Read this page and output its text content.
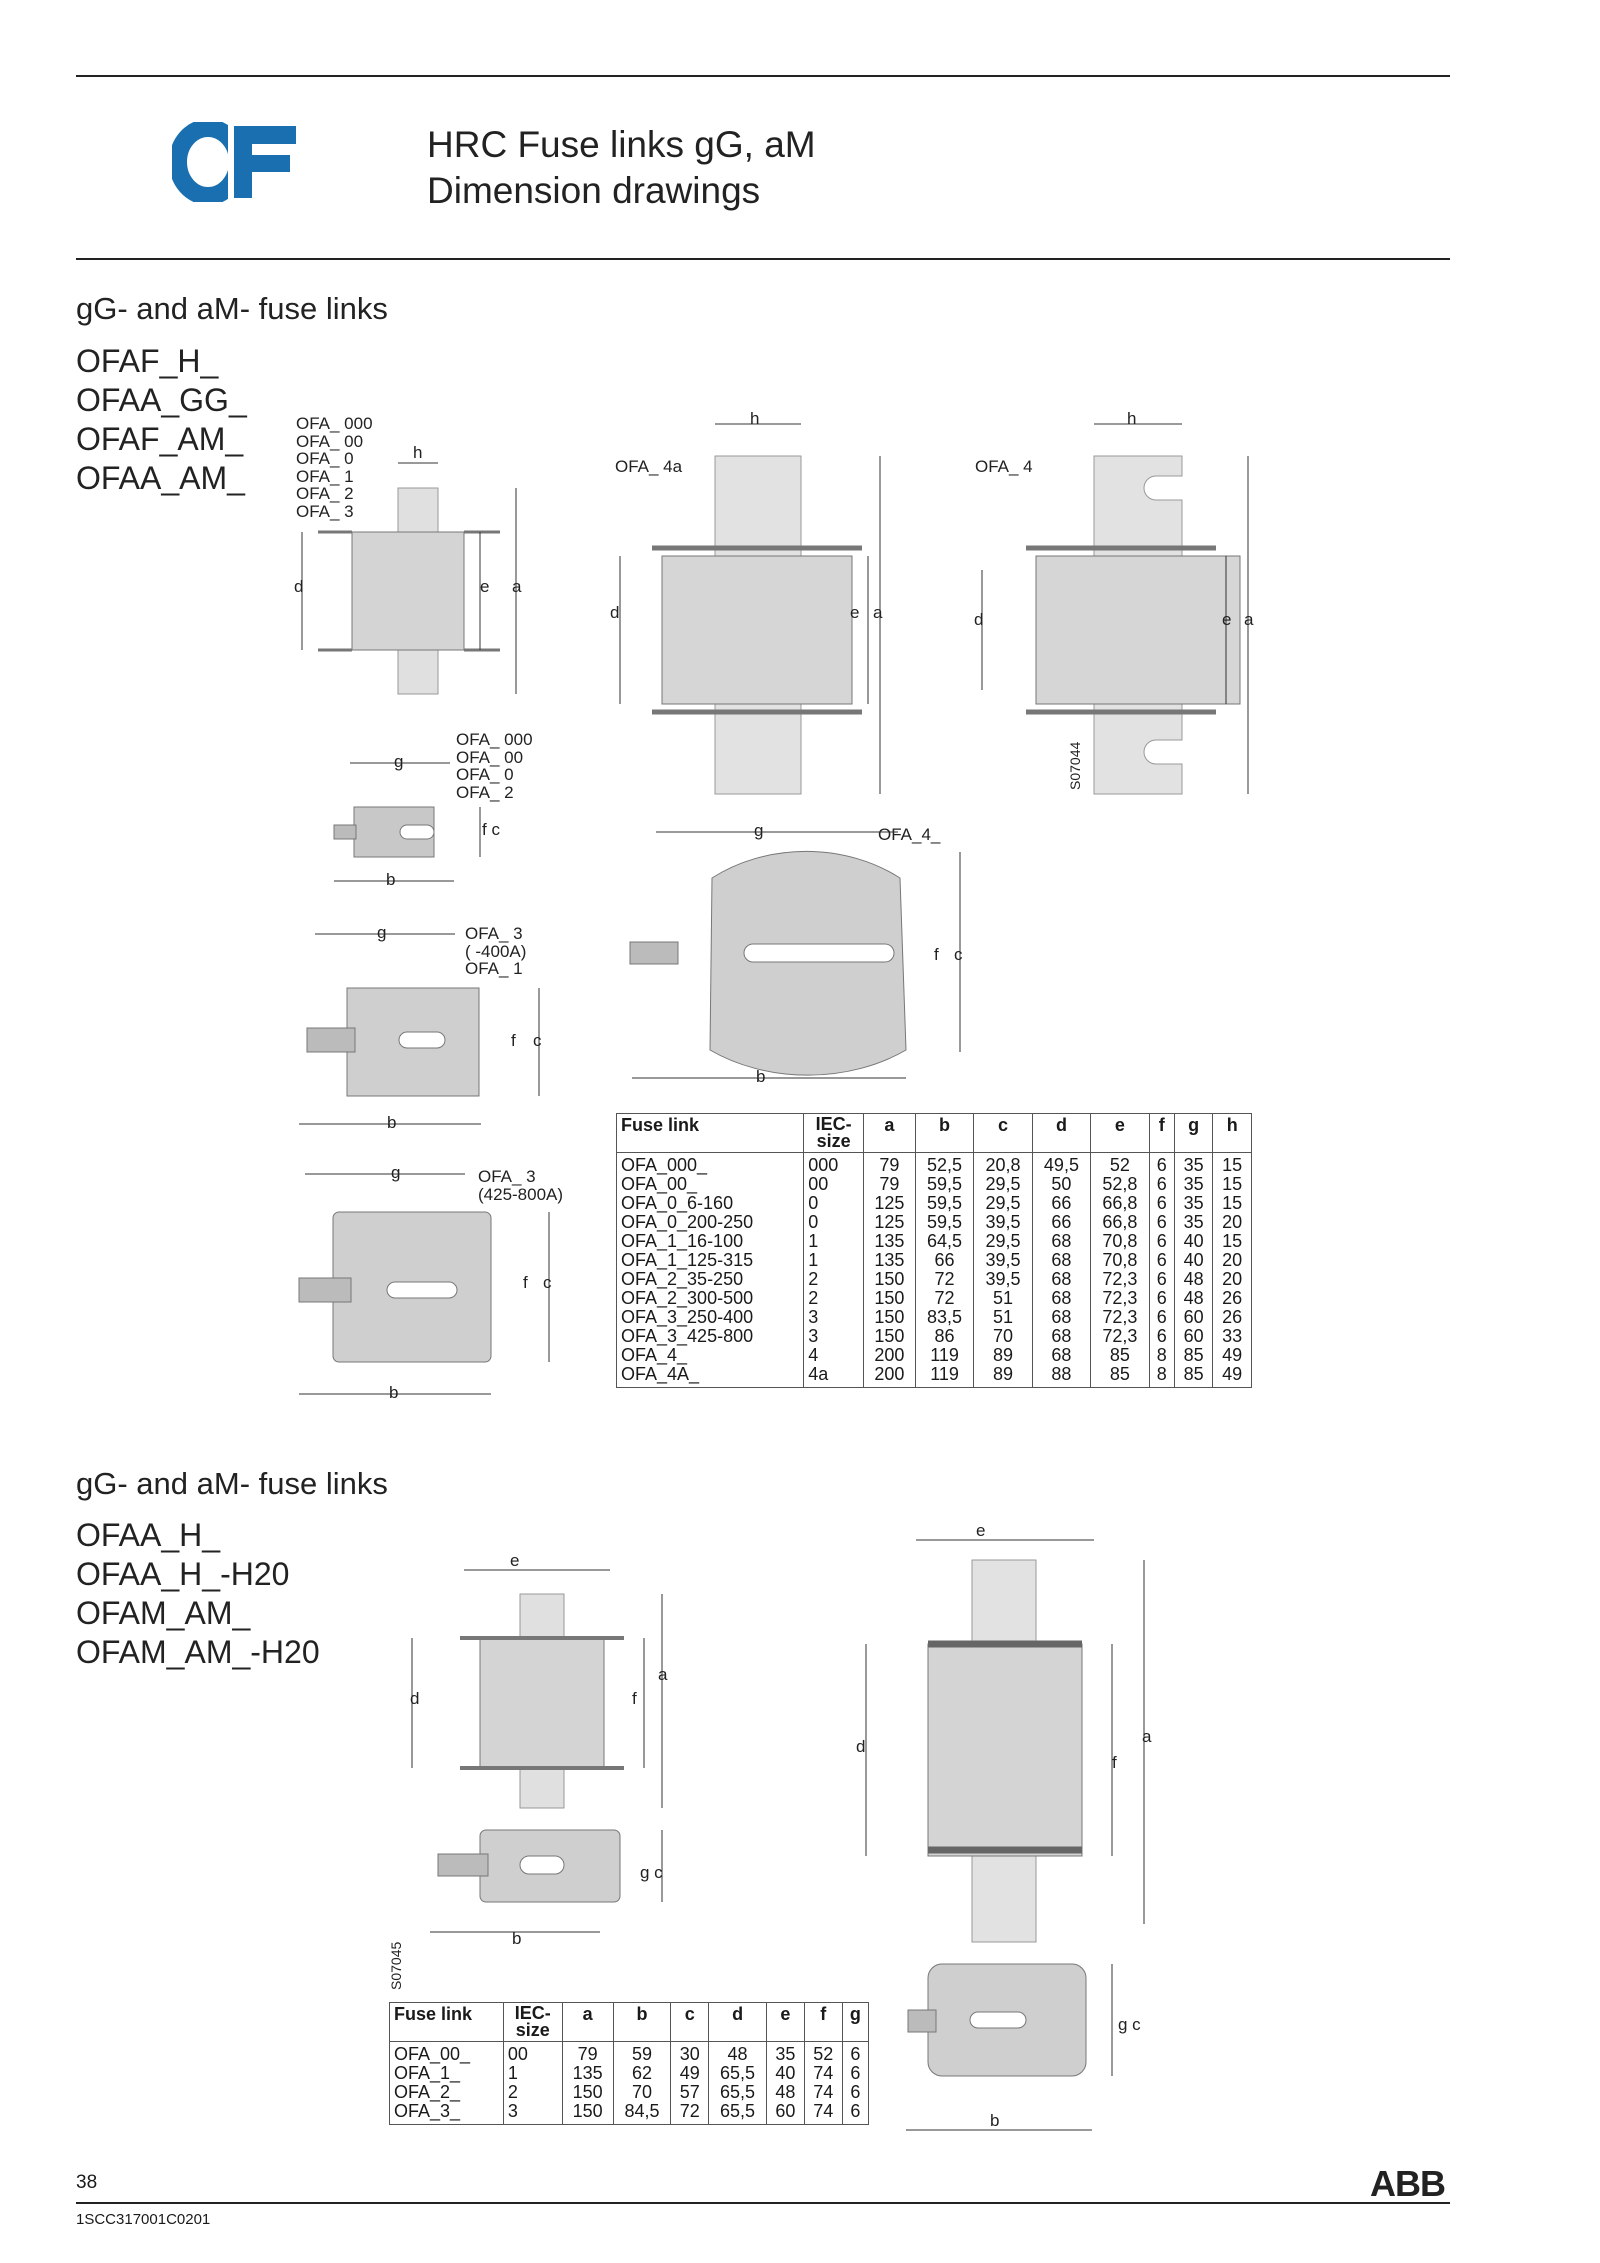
HRC Fuse links gG, aM
Dimension drawings
gG- and aM- fuse links
OFAF_H_
OFAA_GG_
OFAF_AM_
OFAA_AM_
OFA_ 000
OFA_ 00
OFA_ 0
OFA_ 1
OFA_ 2
OFA_ 3
d	e a
h
OFA_ 4a
d	e a
h
OFA_ 4
d	e a
h
S07044
OFA_ 000
OFA_ 00
OFA_ 0
OFA_ 2
g
b
f c
OFA_ 3
( -400A)
OFA_ 1
g
b
f c
OFA_ 3
(425-800A)
g
b
f c
OFA_4_
g
b
f c
Fuse link	IEC-
size	a	b	c	d	e	f	g	h
OFA_000_	000	79	52,5	20,8	49,5	52	6	35	15
OFA_00_	00	79	59,5	29,5	50	52,8	6	35	15
OFA_0_6-160	0	125	59,5	29,5	66	66,8	6	35	15
OFA_0_200-250	0	125	59,5	39,5	66	66,8	6	35	20
OFA_1_16-100	1	135	64,5	29,5	68	70,8	6	40	15
OFA_1_125-315	1	135	66	39,5	68	70,8	6	40	20
OFA_2_35-250	2	150	72	39,5	68	72,3	6	48	20
OFA_2_300-500	2	150	72	51	68	72,3	6	48	26
OFA_3_250-400	3	150	83,5	51	68	72,3	6	60	26
OFA_3_425-800	3	150	86	70	68	72,3	6	60	33
OFA_4_	4	200	119	89	68	85	8	85	49
OFA_4A_	4a	200	119	89	88	85	8	85	49
gG- and aM- fuse links
OFAA_H_
OFAA_H_-H20
OFAM_AM_
OFAM_AM_-H20
d	f
a
e
b
g c
S07045
d
f
a
e
b
g c
Fuse link	IEC-
size	a	b	c	d	e	f	g
OFA_00_	00	79	59	30	48	35	52	6
OFA_1_	1	135	62	49	65,5	40	74	6
OFA_2_	2	150	70	57	65,5	48	74	6
OFA_3_	3	150	84,5	72	65,5	60	74	6
38
1SCC317001C0201
ABB
